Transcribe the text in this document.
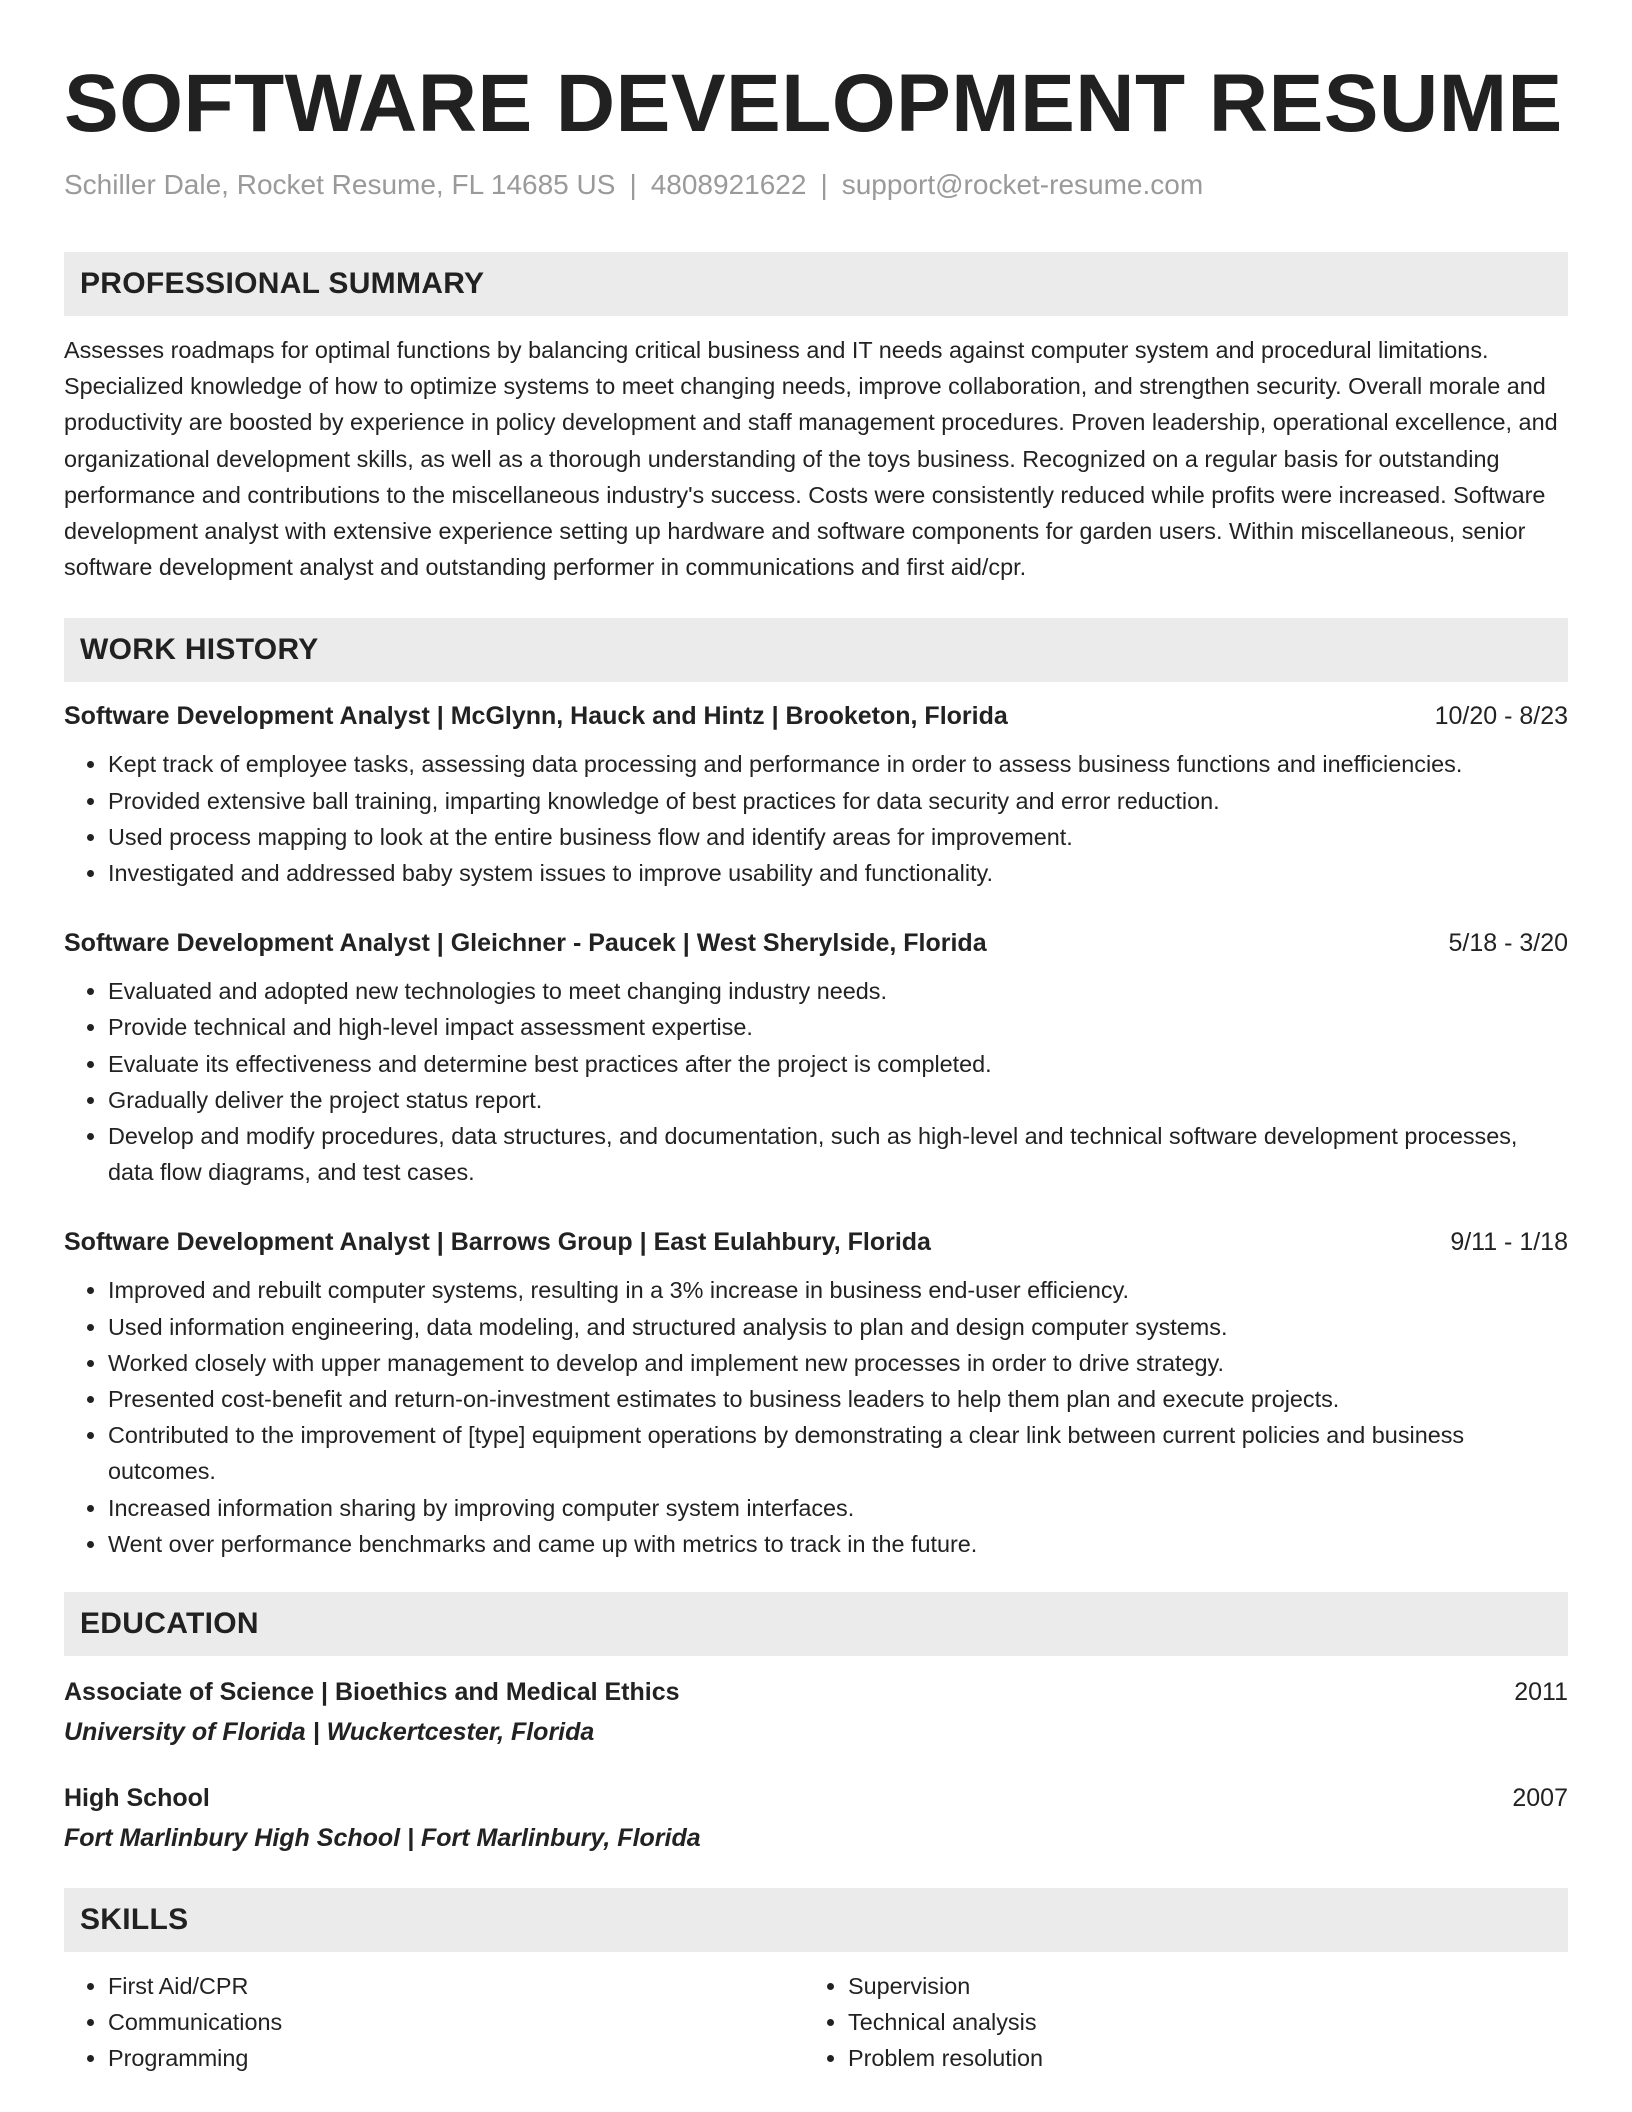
SOFTWARE DEVELOPMENT RESUME
Schiller Dale, Rocket Resume, FL 14685 US | 4808921622 | support@rocket-resume.com
PROFESSIONAL SUMMARY
Assesses roadmaps for optimal functions by balancing critical business and IT needs against computer system and procedural limitations. Specialized knowledge of how to optimize systems to meet changing needs, improve collaboration, and strengthen security. Overall morale and productivity are boosted by experience in policy development and staff management procedures. Proven leadership, operational excellence, and organizational development skills, as well as a thorough understanding of the toys business. Recognized on a regular basis for outstanding performance and contributions to the miscellaneous industry's success. Costs were consistently reduced while profits were increased. Software development analyst with extensive experience setting up hardware and software components for garden users. Within miscellaneous, senior software development analyst and outstanding performer in communications and first aid/cpr.
WORK HISTORY
Software Development Analyst | McGlynn, Hauck and Hintz | Brooketon, Florida	10/20 - 8/23
• Kept track of employee tasks, assessing data processing and performance in order to assess business functions and inefficiencies.
• Provided extensive ball training, imparting knowledge of best practices for data security and error reduction.
• Used process mapping to look at the entire business flow and identify areas for improvement.
• Investigated and addressed baby system issues to improve usability and functionality.
Software Development Analyst | Gleichner - Paucek | West Sherylside, Florida	5/18 - 3/20
• Evaluated and adopted new technologies to meet changing industry needs.
• Provide technical and high-level impact assessment expertise.
• Evaluate its effectiveness and determine best practices after the project is completed.
• Gradually deliver the project status report.
• Develop and modify procedures, data structures, and documentation, such as high-level and technical software development processes, data flow diagrams, and test cases.
Software Development Analyst | Barrows Group | East Eulahbury, Florida	9/11 - 1/18
• Improved and rebuilt computer systems, resulting in a 3% increase in business end-user efficiency.
• Used information engineering, data modeling, and structured analysis to plan and design computer systems.
• Worked closely with upper management to develop and implement new processes in order to drive strategy.
• Presented cost-benefit and return-on-investment estimates to business leaders to help them plan and execute projects.
• Contributed to the improvement of [type] equipment operations by demonstrating a clear link between current policies and business outcomes.
• Increased information sharing by improving computer system interfaces.
• Went over performance benchmarks and came up with metrics to track in the future.
EDUCATION
Associate of Science | Bioethics and Medical Ethics	2011
University of Florida | Wuckertcester, Florida
High School	2007
Fort Marlinbury High School | Fort Marlinbury, Florida
SKILLS
• First Aid/CPR
• Communications
• Programming
• Supervision
• Technical analysis
• Problem resolution
